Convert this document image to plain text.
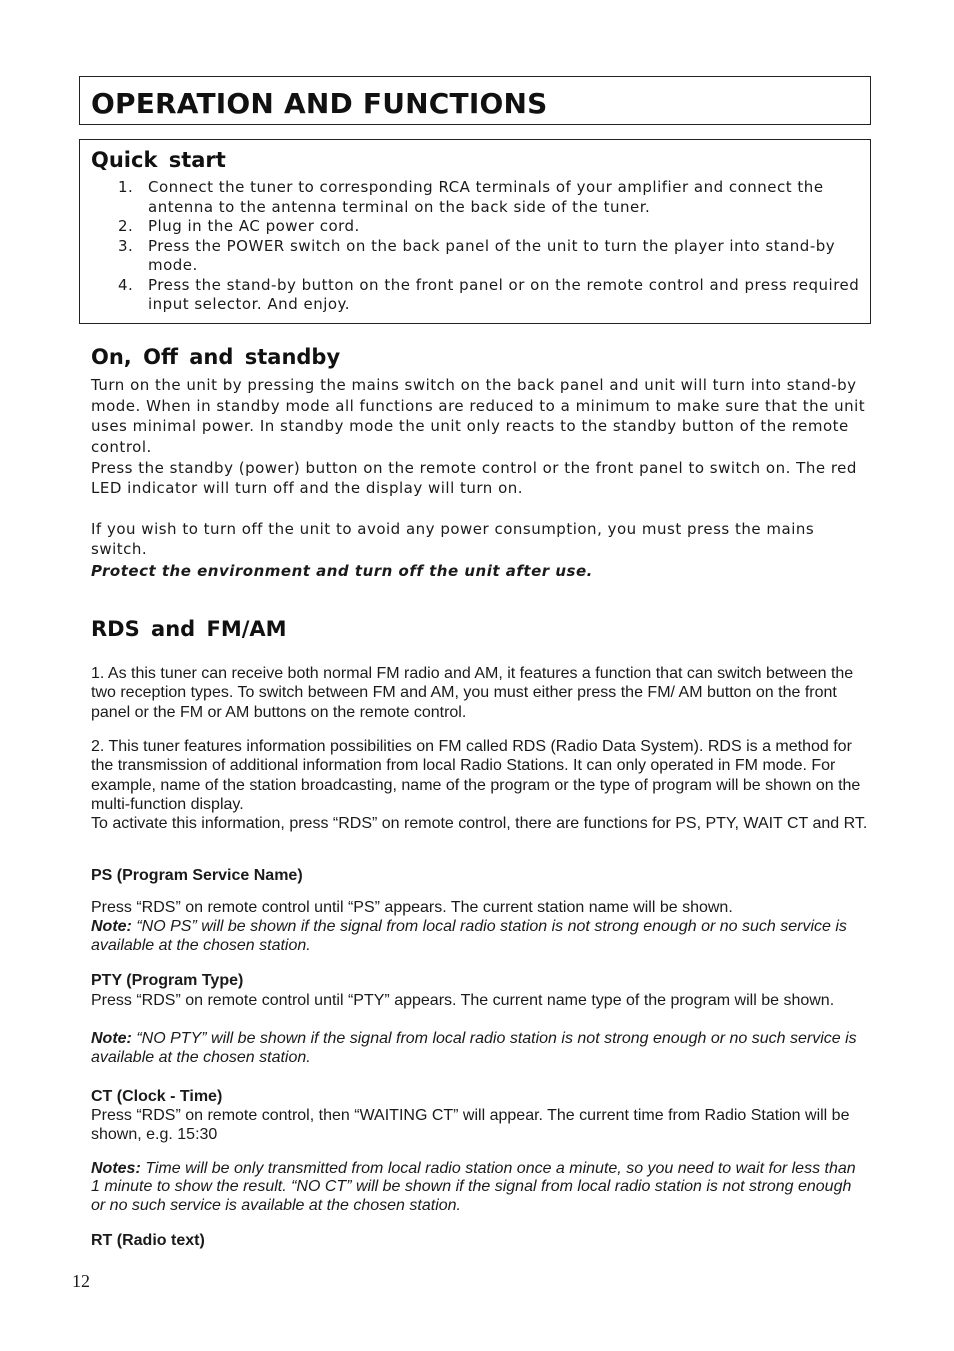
OPERATION AND FUNCTIONS
Quick start
1. Connect the tuner to corresponding RCA terminals of your amplifier and connect the antenna to the antenna terminal on the back side of the tuner.
2. Plug in the AC power cord.
3. Press the POWER switch on the back panel of the unit to turn the player into stand-by mode.
4. Press the stand-by button on the front panel or on the remote control and press required input selector. And enjoy.
On, Off and standby

Turn on the unit by pressing the mains switch on the back panel and unit will turn into stand-by mode. When in standby mode all functions are reduced to a minimum to make sure that the unit uses minimal power. In standby mode the unit only reacts to the standby button of the remote control.

Press the standby (power) button on the remote control or the front panel to switch on. The red LED indicator will turn off and the display will turn on.

If you wish to turn off the unit to avoid any power consumption, you must press the mains switch.

Protect the environment and turn off the unit after use.

RDS and FM/AM

1. As this tuner can receive both normal FM radio and AM, it features a function that can switch between the two reception types. To switch between FM and AM, you must either press the FM/ AM button on the front panel or the FM or AM buttons on the remote control.

2. This tuner features information possibilities on FM called RDS (Radio Data System). RDS is a method for the transmission of additional information from local Radio Stations. It can only operated in FM mode. For example, name of the station broadcasting, name of the program or the type of program will be shown on the multi-function display.

To activate this information, press “RDS” on remote control, there are functions for PS, PTY, WAIT CT and RT.

PS (Program Service Name)

Press “RDS” on remote control until “PS” appears. The current station name will be shown.

Note: “NO PS” will be shown if the signal from local radio station is not strong enough or no such service is available at the chosen station.

PTY (Program Type)

Press “RDS” on remote control until “PTY” appears. The current name type of the program will be shown.

Note: “NO PTY” will be shown if the signal from local radio station is not strong enough or no such service is available at the chosen station.

CT (Clock - Time)

Press “RDS” on remote control, then “WAITING CT” will appear. The current time from Radio Station will be shown, e.g. 15:30

Notes: Time will be only transmitted from local radio station once a minute, so you need to wait for less than 1 minute to show the result. “NO CT” will be shown if the signal from local radio station is not strong enough or no such service is available at the chosen station.

RT (Radio text)

12
